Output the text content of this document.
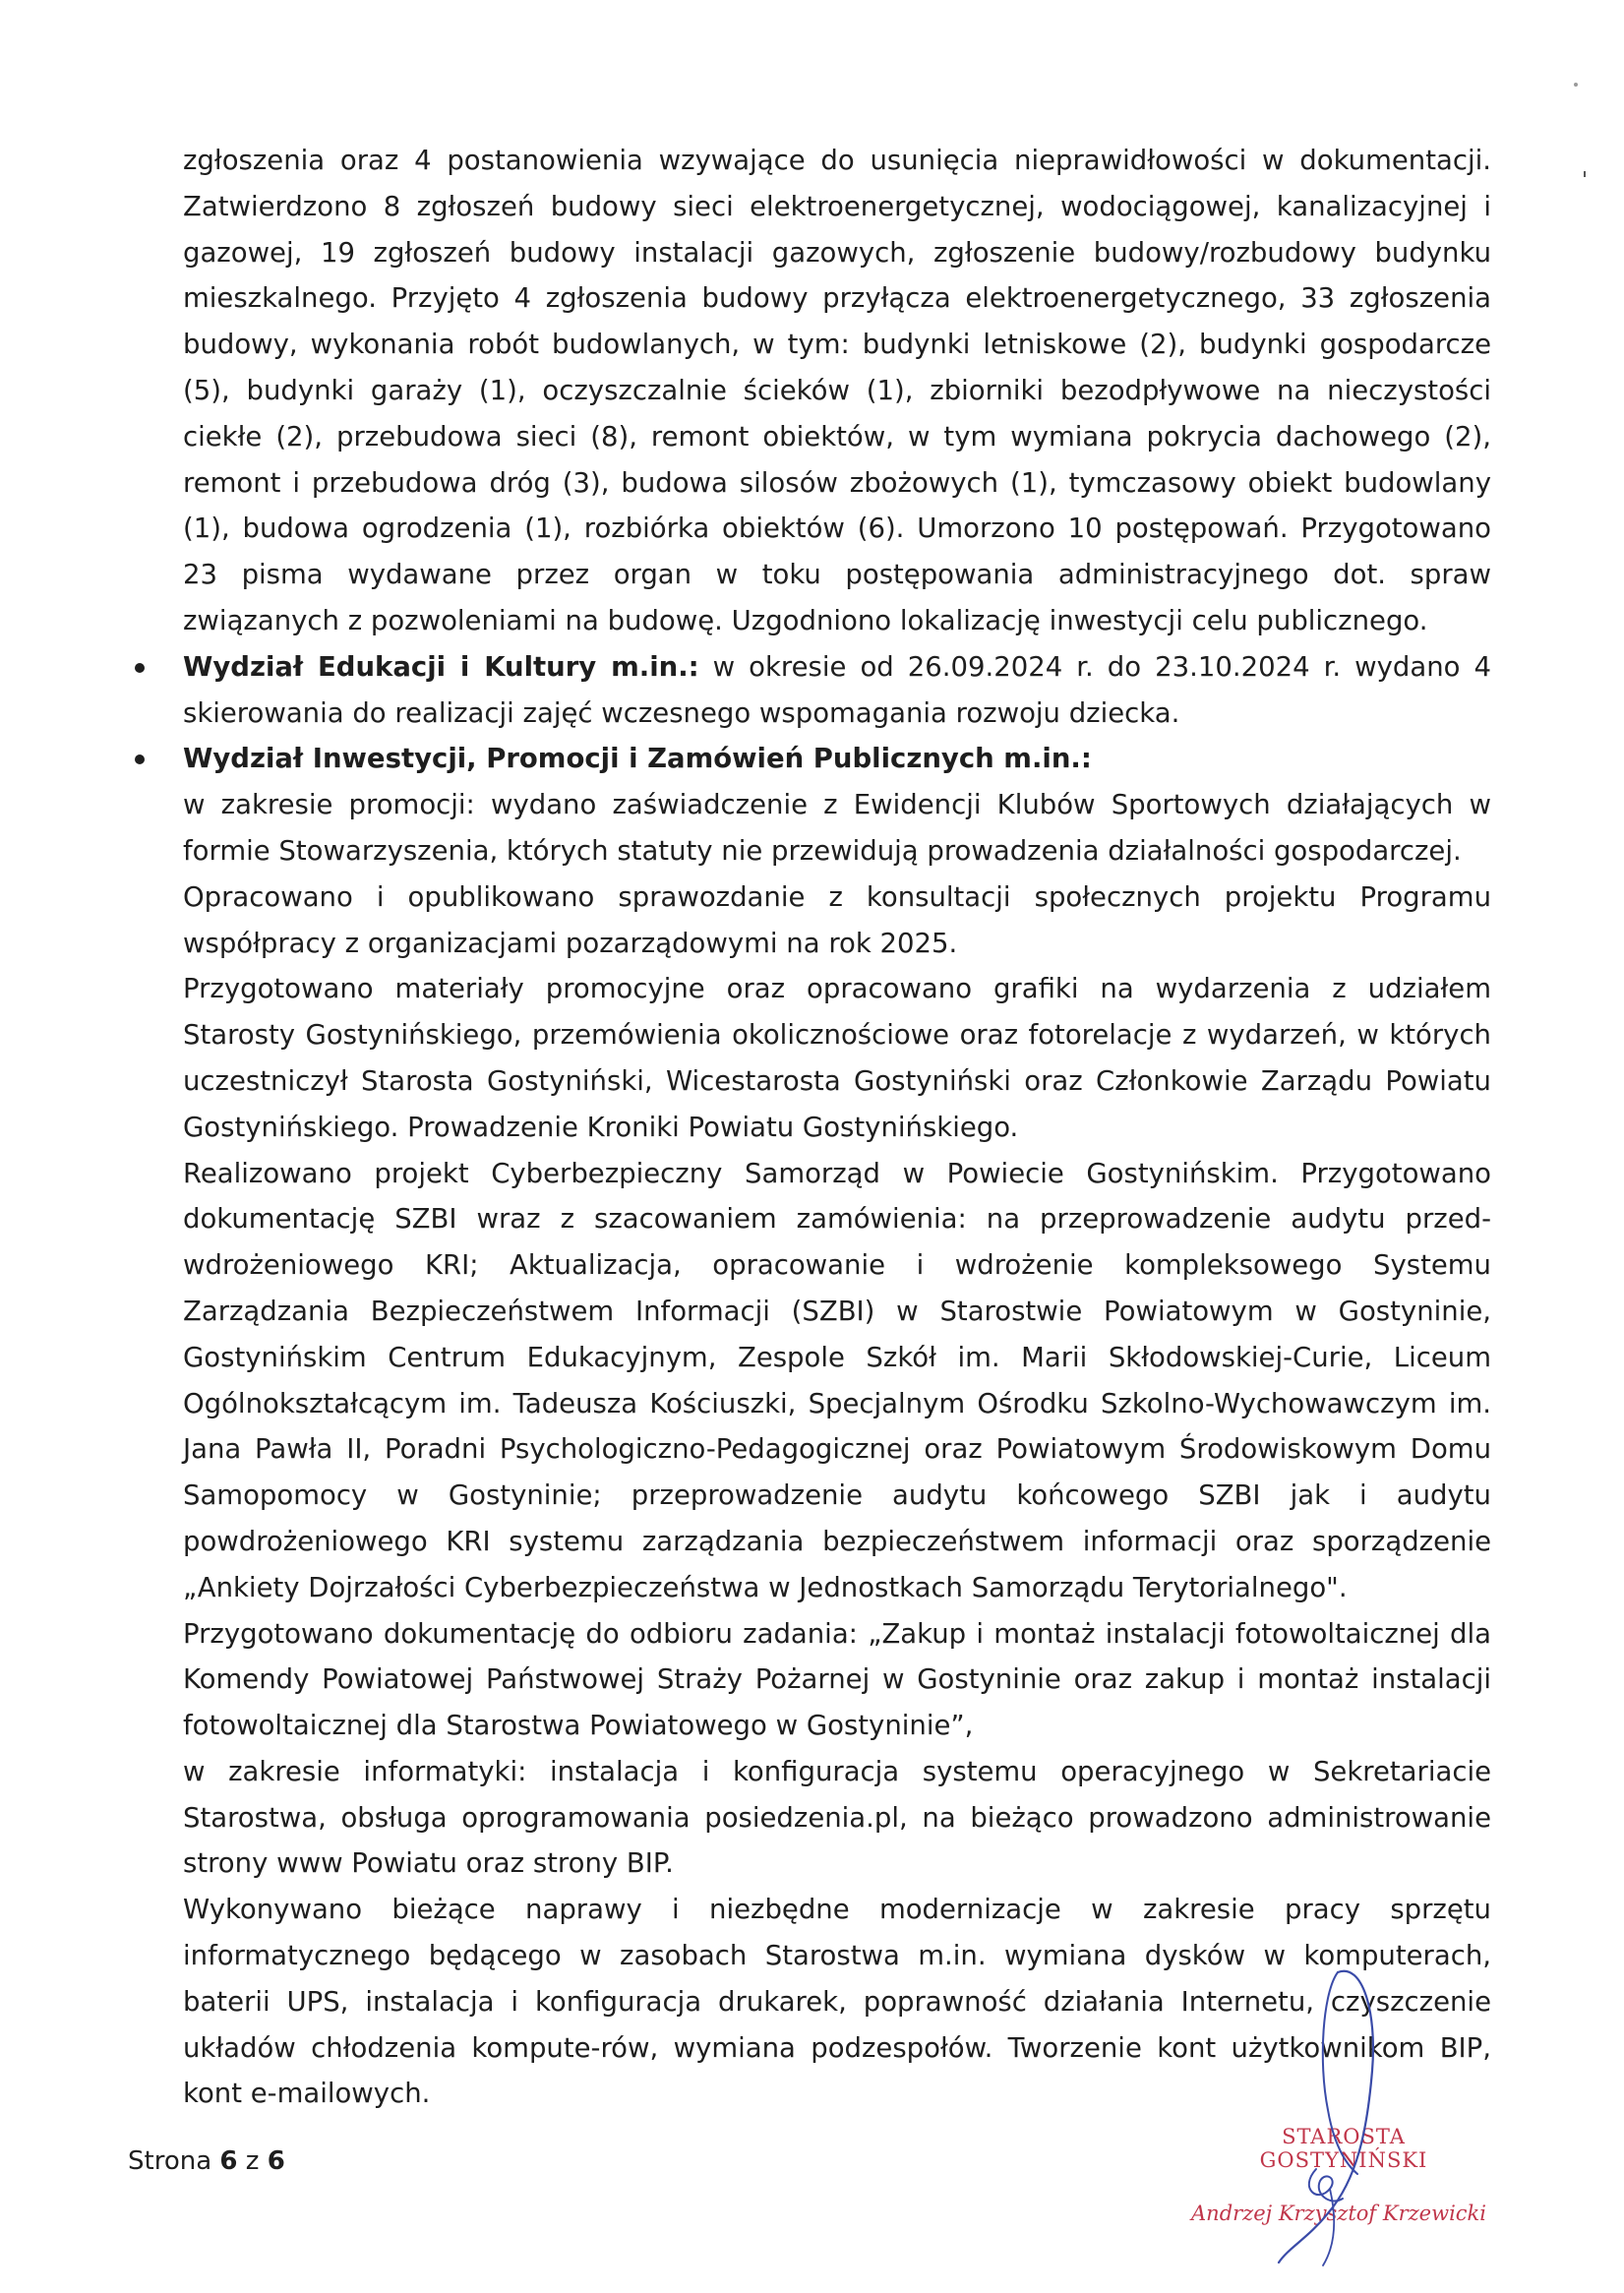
zgłoszenia oraz 4 postanowienia wzywające do usunięcia nieprawidłowości w dokumentacji. Zatwierdzono 8 zgłoszeń budowy sieci elektroenergetycznej, wodociągowej, kanalizacyjnej i gazowej, 19 zgłoszeń budowy instalacji gazowych, zgłoszenie budowy/rozbudowy budynku mieszkalnego. Przyjęto 4 zgłoszenia budowy przyłącza elektroenergetycznego, 33 zgłoszenia budowy, wykonania robót budowlanych, w tym: budynki letniskowe (2), budynki gospodarcze (5), budynki garaży (1), oczyszczalnie ścieków (1), zbiorniki bezodpływowe na nieczystości ciekłe (2), przebudowa sieci (8), remont obiektów, w tym wymiana pokrycia dachowego (2), remont i przebudowa dróg (3), budowa silosów zbożowych (1), tymczasowy obiekt budowlany (1), budowa ogrodzenia (1), rozbiórka obiektów (6). Umorzono 10 postępowań. Przygotowano 23 pisma wydawane przez organ w toku postępowania administracyjnego dot. spraw związanych z pozwoleniami na budowę. Uzgodniono lokalizację inwestycji celu publicznego.

Wydział Edukacji i Kultury m.in.: w okresie od 26.09.2024 r. do 23.10.2024 r. wydano 4 skierowania do realizacji zajęć wczesnego wspomagania rozwoju dziecka.

Wydział Inwestycji, Promocji i Zamówień Publicznych m.in.:

w zakresie promocji: wydano zaświadczenie z Ewidencji Klubów Sportowych działających w formie Stowarzyszenia, których statuty nie przewidują prowadzenia działalności gospodarczej.

Opracowano i opublikowano sprawozdanie z konsultacji społecznych projektu Programu współpracy z organizacjami pozarządowymi na rok 2025.

Przygotowano materiały promocyjne oraz opracowano grafiki na wydarzenia z udziałem Starosty Gostynińskiego, przemówienia okolicznościowe oraz fotorelacje z wydarzeń, w których uczestniczył Starosta Gostyniński, Wicestarosta Gostyniński oraz Członkowie Zarządu Powiatu Gostynińskiego. Prowadzenie Kroniki Powiatu Gostynińskiego.

Realizowano projekt Cyberbezpieczny Samorząd w Powiecie Gostynińskim. Przygotowano dokumentację SZBI wraz z szacowaniem zamówienia: na przeprowadzenie audytu przed-wdrożeniowego KRI; Aktualizacja, opracowanie i wdrożenie kompleksowego Systemu Zarządzania Bezpieczeństwem Informacji (SZBI) w Starostwie Powiatowym w Gostyninie, Gostynińskim Centrum Edukacyjnym, Zespole Szkół im. Marii Skłodowskiej-Curie, Liceum Ogólnokształcącym im. Tadeusza Kościuszki, Specjalnym Ośrodku Szkolno-Wychowawczym im. Jana Pawła II, Poradni Psychologiczno-Pedagogicznej oraz Powiatowym Środowiskowym Domu Samopomocy w Gostyninie; przeprowadzenie audytu końcowego SZBI jak i audytu powdrożeniowego KRI systemu zarządzania bezpieczeństwem informacji oraz sporządzenie „Ankiety Dojrzałości Cyberbezpieczeństwa w Jednostkach Samorządu Terytorialnego".

Przygotowano dokumentację do odbioru zadania: „Zakup i montaż instalacji fotowoltaicznej dla Komendy Powiatowej Państwowej Straży Pożarnej w Gostyninie oraz zakup i montaż instalacji fotowoltaicznej dla Starostwa Powiatowego w Gostyninie”,

w zakresie informatyki: instalacja i konfiguracja systemu operacyjnego w Sekretariacie Starostwa, obsługa oprogramowania posiedzenia.pl, na bieżąco prowadzono administrowanie strony www Powiatu oraz strony BIP.

Wykonywano bieżące naprawy i niezbędne modernizacje w zakresie pracy sprzętu informatycznego będącego w zasobach Starostwa m.in. wymiana dysków w komputerach, baterii UPS, instalacja i konfiguracja drukarek, poprawność działania Internetu, czyszczenie układów chłodzenia kompute-rów, wymiana podzespołów. Tworzenie kont użytkownikom BIP, kont e-mailowych.

Strona 6 z 6
STAROSTA GOSTYNIŃSKI
Andrzej Krzysztof Krzewicki
